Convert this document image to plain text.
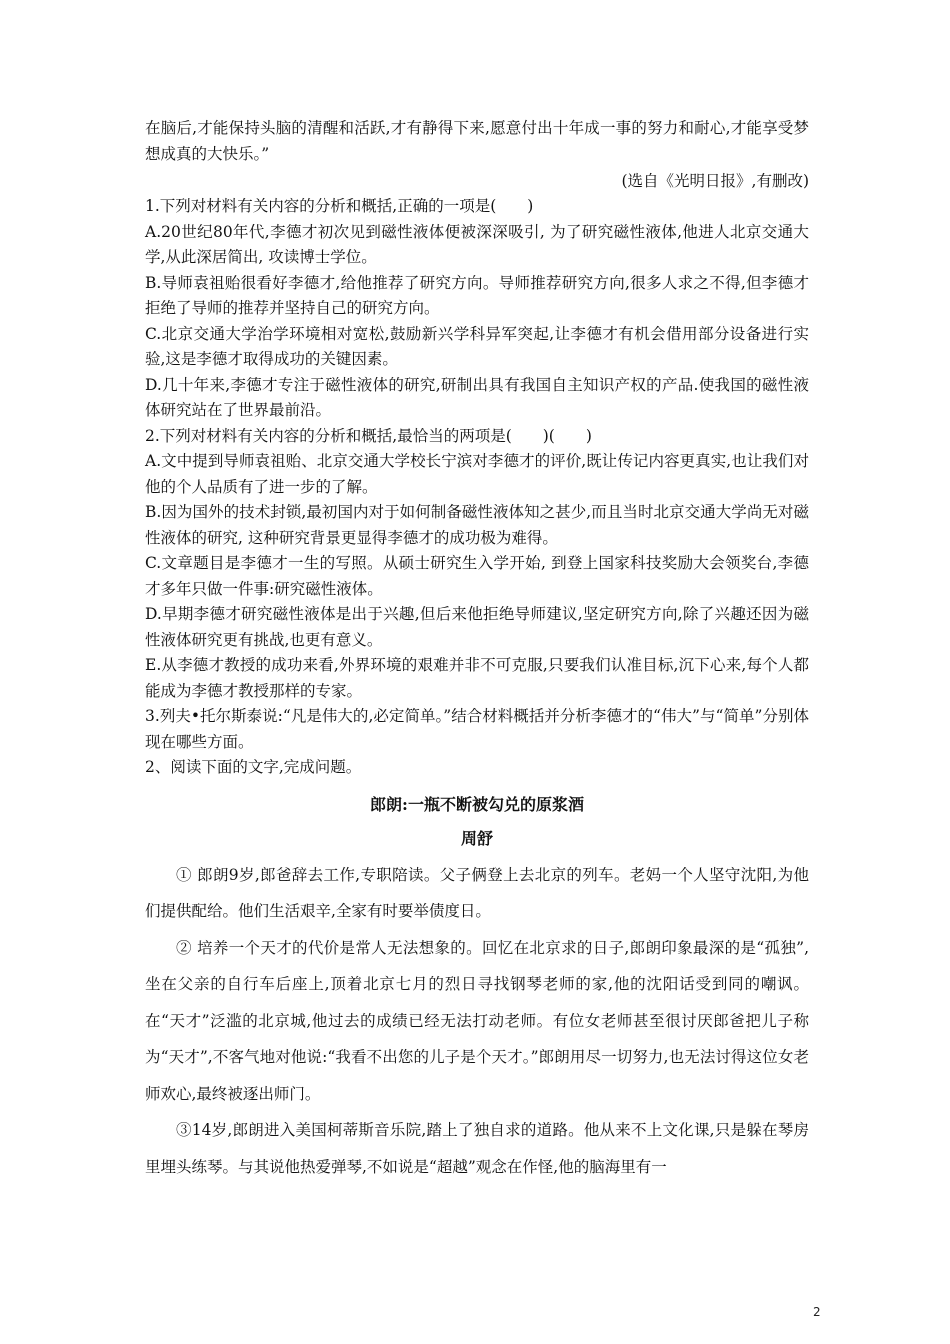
在脑后,才能保持头脑的清醒和活跃,才有静得下来,愿意付出十年成一事的努力和耐心,才能享受梦想成真的大快乐。”

(选自《光明日报》,有删改)

1.下列对材料有关内容的分析和概括,正确的一项是(　　)

A.20世纪80年代,李德才初次见到磁性液体便被深深吸引, 为了研究磁性液体,他进人北京交通大学,从此深居简出, 攻读博士学位。

B.导师袁祖贻很看好李德才,给他推荐了研究方向。导师推荐研究方向,很多人求之不得,但李德才拒绝了导师的推荐并坚持自己的研究方向。

C.北京交通大学治学环境相对宽松,鼓励新兴学科异军突起,让李德才有机会借用部分设备进行实验,这是李德才取得成功的关键因素。

D.几十年来,李德才专注于磁性液体的研究,研制出具有我国自主知识产权的产品.使我国的磁性液体研究站在了世界最前沿。

2.下列对材料有关内容的分析和概括,最恰当的两项是(　　)(　　)

A.文中提到导师袁祖贻、北京交通大学校长宁滨对李德才的评价,既让传记内容更真实,也让我们对他的个人品质有了进一步的了解。

B.因为国外的技术封锁,最初国内对于如何制备磁性液体知之甚少,而且当时北京交通大学尚无对磁性液体的研究, 这种研究背景更显得李德才的成功极为难得。

C.文章题目是李德才一生的写照。从硕士研究生入学开始, 到登上国家科技奖励大会领奖台,李德才多年只做一件事:研究磁性液体。

D.早期李德才研究磁性液体是出于兴趣,但后来他拒绝导师建议,坚定研究方向,除了兴趣还因为磁性液体研究更有挑战,也更有意义。

E.从李德才教授的成功来看,外界环境的艰难并非不可克服,只要我们认准目标,沉下心来,每个人都能成为李德才教授那样的专家。

3.列夫•托尔斯泰说:“凡是伟大的,必定简单。”结合材料概括并分析李德才的“伟大”与“简单”分别体现在哪些方面。

2、阅读下面的文字,完成问题。

郎朗:一瓶不断被勾兑的原浆酒

周舒

① 郎朗9岁,郎爸辞去工作,专职陪读。父子俩登上去北京的列车。老妈一个人坚守沈阳,为他们提供配给。他们生活艰辛,全家有时要举债度日。

② 培养一个天才的代价是常人无法想象的。回忆在北京求的日子,郎朗印象最深的是“孤独”,坐在父亲的自行车后座上,顶着北京七月的烈日寻找钢琴老师的家,他的沈阳话受到同的嘲讽。在“天才”泛滥的北京城,他过去的成绩已经无法打动老师。有位女老师甚至很讨厌郎爸把儿子称为“天才”,不客气地对他说:“我看不出您的儿子是个天才。”郎朗用尽一切努力,也无法讨得这位女老师欢心,最终被逐出师门。

③14岁,郎朗进入美国柯蒂斯音乐院,踏上了独自求的道路。他从来不上文化课,只是躲在琴房里埋头练琴。与其说他热爱弹琴,不如说是“超越”观念在作怪,他的脑海里有一

2
